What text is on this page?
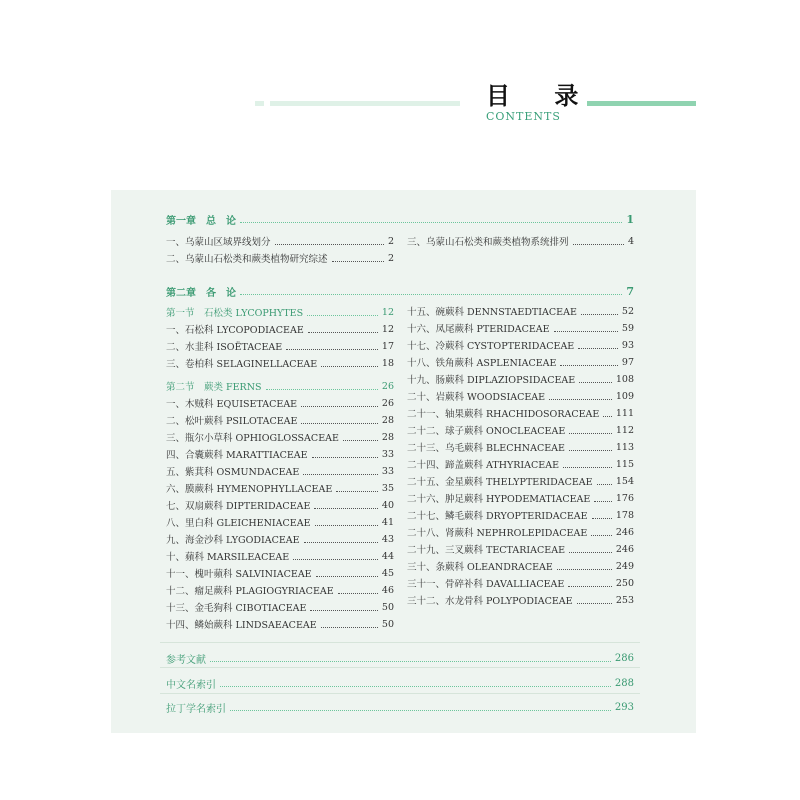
目 录
CONTENTS
第一章　总　论	1
一、乌蒙山区域界线划分	2
二、乌蒙山石松类和蕨类植物研究综述	2
三、乌蒙山石松类和蕨类植物系统排列	4
第二章　各　论	7
第一节　石松类 LYCOPHYTES	12
一、石松科 LYCOPODIACEAE	12
二、水韭科 ISOËTACEAE	17
三、卷柏科 SELAGINELLACEAE	18
第二节　蕨类 FERNS	26
一、木贼科 EQUISETACEAE	26
二、松叶蕨科 PSILOTACEAE	28
三、瓶尔小草科 OPHIOGLOSSACEAE	28
四、合囊蕨科 MARATTIACEAE	33
五、紫萁科 OSMUNDACEAE	33
六、膜蕨科 HYMENOPHYLLACEAE	35
七、双扇蕨科 DIPTERIDACEAE	40
八、里白科 GLEICHENIACEAE	41
九、海金沙科 LYGODIACEAE	43
十、蘋科 MARSILEACEAE	44
十一、槐叶蘋科 SALVINIACEAE	45
十二、瘤足蕨科 PLAGIOGYRIACEAE	46
十三、金毛狗科 CIBOTIACEAE	50
十四、鳞始蕨科 LINDSAEACEAE	50
十五、碗蕨科 DENNSTAEDTIACEAE	52
十六、凤尾蕨科 PTERIDACEAE	59
十七、冷蕨科 CYSTOPTERIDACEAE	93
十八、铁角蕨科 ASPLENIACEAE	97
十九、肠蕨科 DIPLAZIOPSIDACEAE	108
二十、岩蕨科 WOODSIACEAE	109
二十一、轴果蕨科 RHACHIDOSORACEAE 111
二十二、球子蕨科 ONOCLEACEAE	112
二十三、乌毛蕨科 BLECHNACEAE	113
二十四、蹄盖蕨科 ATHYRIACEAE	115
二十五、金星蕨科 THELYPTERIDACEAE 154
二十六、肿足蕨科 HYPODEMATIACEAE	176
二十七、鳞毛蕨科 DRYOPTERIDACEAE	178
二十八、肾蕨科 NEPHROLEPIDACEAE	246
二十九、三叉蕨科 TECTARIACEAE	246
三十、条蕨科 OLEANDRACEAE	249
三十一、骨碎补科 DAVALLIACEAE	250
三十二、水龙骨科 POLYPODIACEAE	253
参考文献	286
中文名索引	288
拉丁学名索引	293
